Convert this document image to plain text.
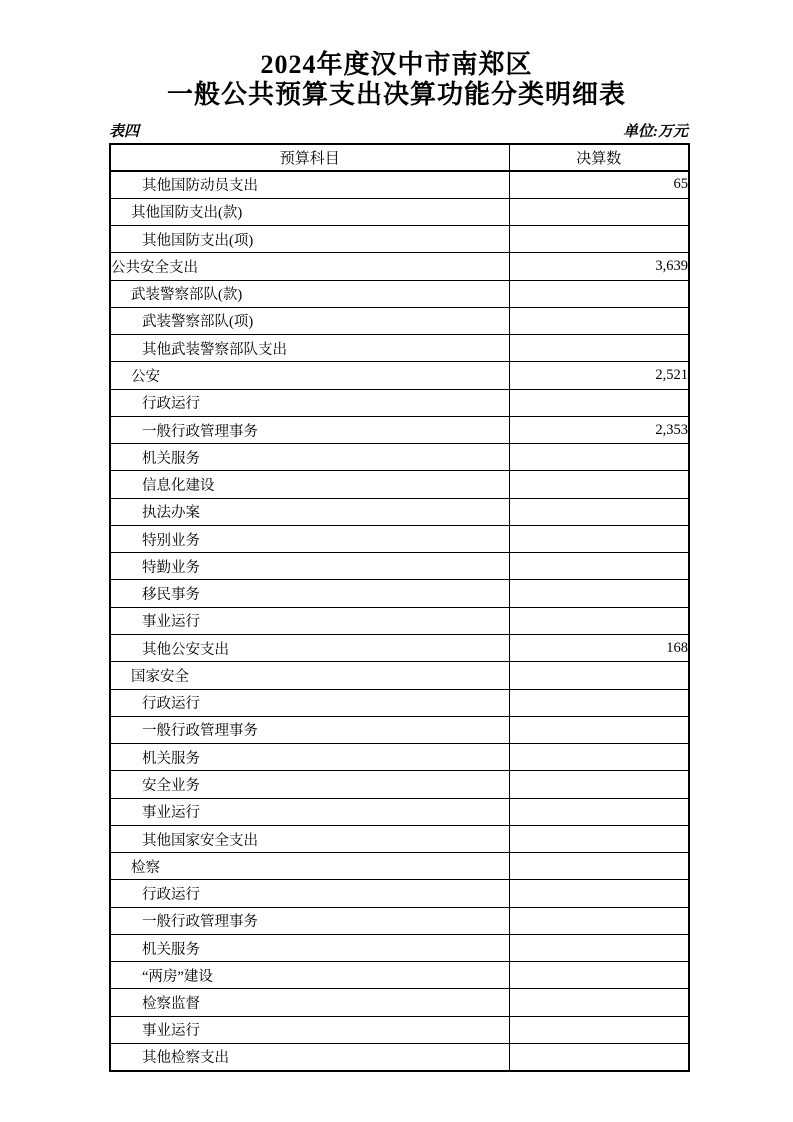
2024年度汉中市南郑区
一般公共预算支出决算功能分类明细表
表四	单位:万元
预算科目	决算数
其他国防动员支出	65
其他国防支出(款)	
其他国防支出(项)	
公共安全支出	3,639
武装警察部队(款)	
武装警察部队(项)	
其他武装警察部队支出	
公安	2,521
行政运行	
一般行政管理事务	2,353
机关服务	
信息化建设	
执法办案	
特别业务	
特勤业务	
移民事务	
事业运行	
其他公安支出	168
国家安全	
行政运行	
一般行政管理事务	
机关服务	
安全业务	
事业运行	
其他国家安全支出	
检察	
行政运行	
一般行政管理事务	
机关服务	
“两房”建设	
检察监督	
事业运行	
其他检察支出	
